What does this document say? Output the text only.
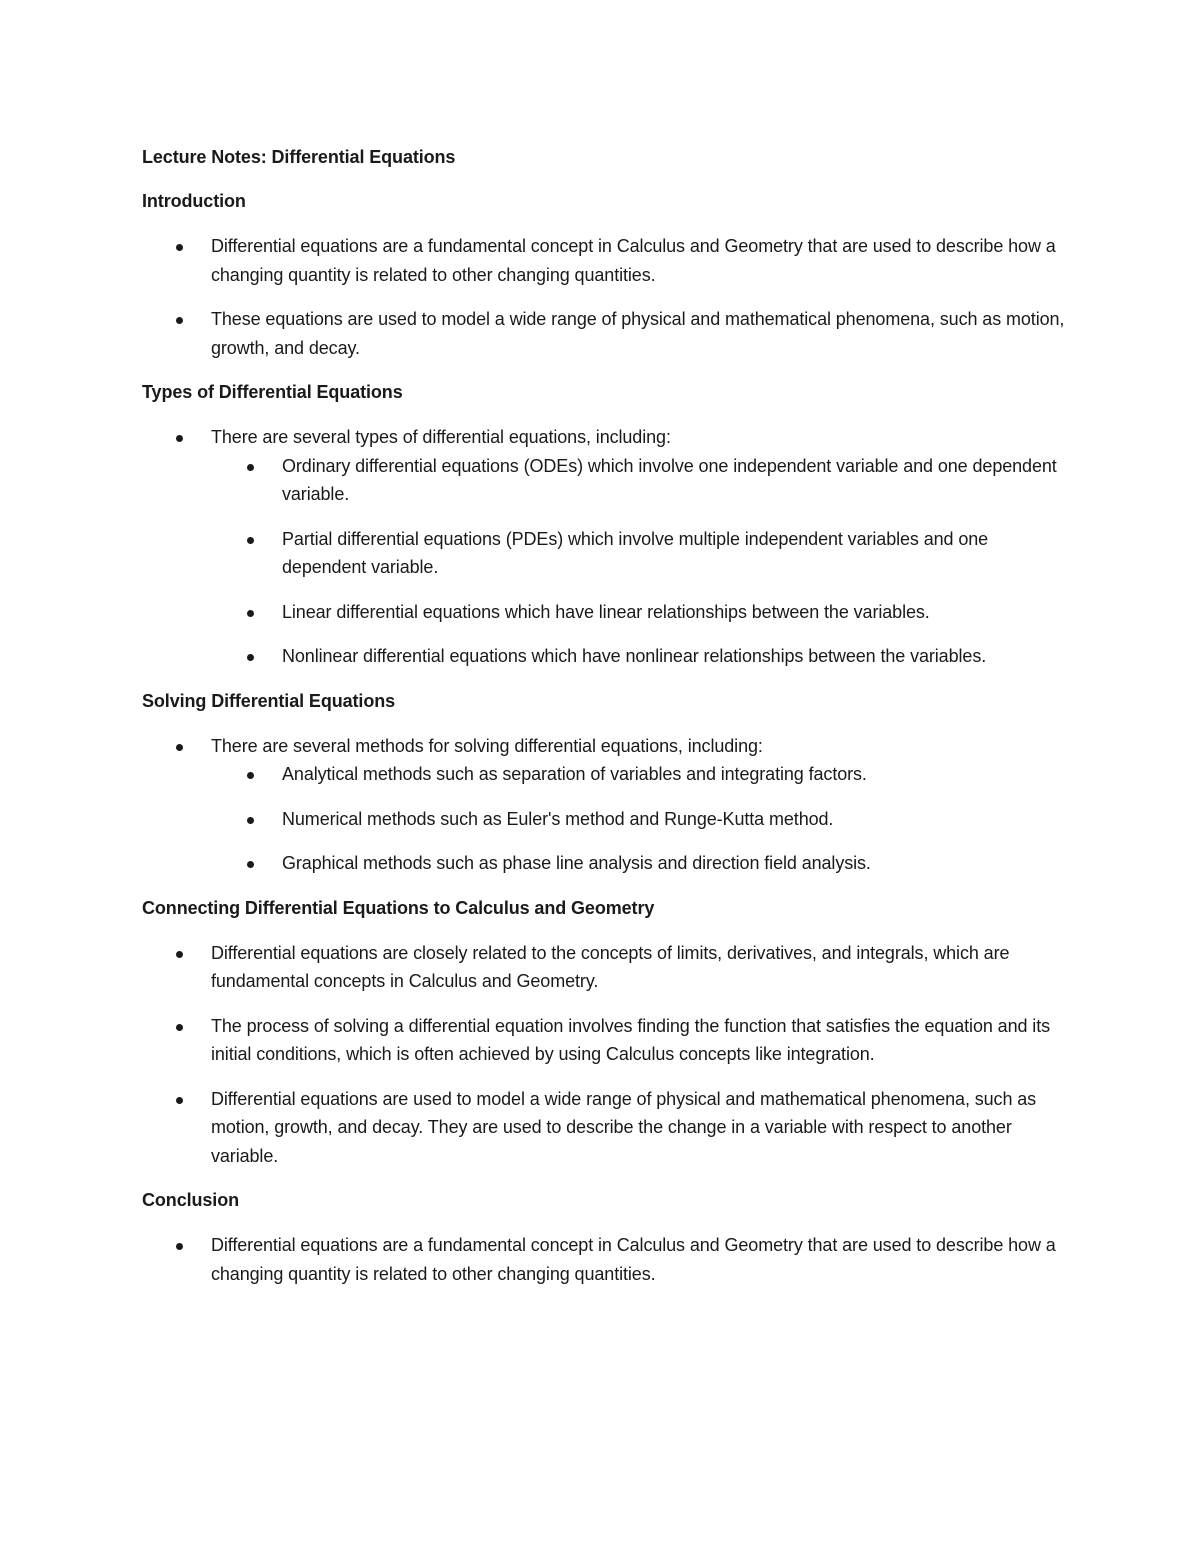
Lecture Notes: Differential Equations

Introduction

Differential equations are a fundamental concept in Calculus and Geometry that are used to describe how a changing quantity is related to other changing quantities.
These equations are used to model a wide range of physical and mathematical phenomena, such as motion, growth, and decay.

Types of Differential Equations

There are several types of differential equations, including:
Ordinary differential equations (ODEs) which involve one independent variable and one dependent variable.
Partial differential equations (PDEs) which involve multiple independent variables and one dependent variable.
Linear differential equations which have linear relationships between the variables.
Nonlinear differential equations which have nonlinear relationships between the variables.

Solving Differential Equations

There are several methods for solving differential equations, including:
Analytical methods such as separation of variables and integrating factors.
Numerical methods such as Euler's method and Runge-Kutta method.
Graphical methods such as phase line analysis and direction field analysis.

Connecting Differential Equations to Calculus and Geometry

Differential equations are closely related to the concepts of limits, derivatives, and integrals, which are fundamental concepts in Calculus and Geometry.
The process of solving a differential equation involves finding the function that satisfies the equation and its initial conditions, which is often achieved by using Calculus concepts like integration.
Differential equations are used to model a wide range of physical and mathematical phenomena, such as motion, growth, and decay. They are used to describe the change in a variable with respect to another variable.

Conclusion

Differential equations are a fundamental concept in Calculus and Geometry that are used to describe how a changing quantity is related to other changing quantities.
